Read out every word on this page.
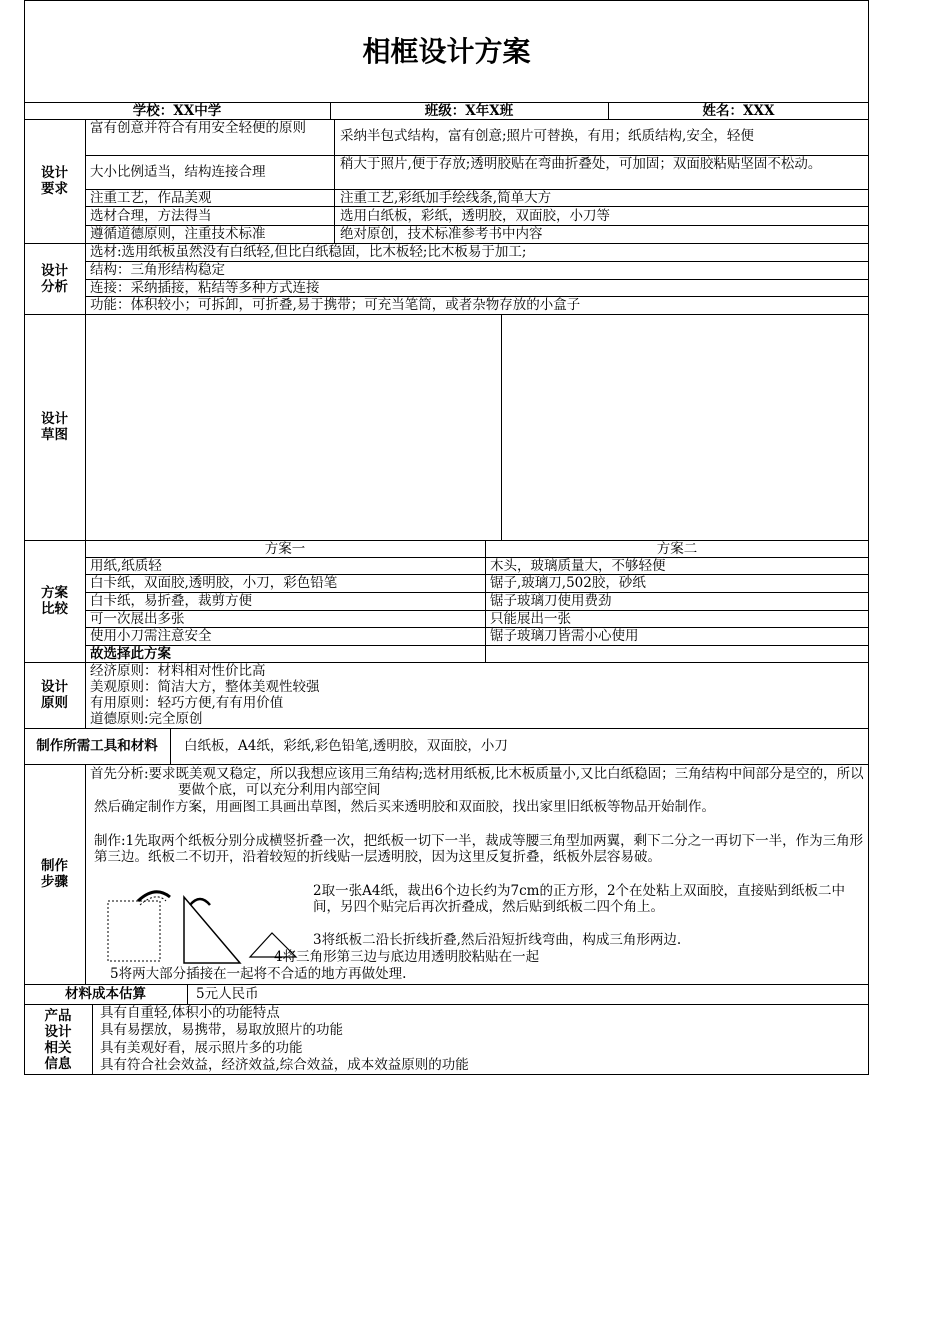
相框设计方案
学校：XX中学	班级：X年X班	姓名：XXX
设计
要求
富有创意并符合有用安全轻便的原则	采纳半包式结构，富有创意;照片可替换，有用；纸质结构,安全，轻便
大小比例适当，结构连接合理	稍大于照片,便于存放;透明胶贴在弯曲折叠处，可加固；双面胶粘贴坚固不松动。
注重工艺，作品美观	注重工艺,彩纸加手绘线条,简单大方
选材合理，方法得当	选用白纸板，彩纸，透明胶，双面胶，小刀等
遵循道德原则，注重技术标准	绝对原创，技术标准参考书中内容
设计
分析
选材:选用纸板虽然没有白纸轻,但比白纸稳固，比木板轻;比木板易于加工;
结构：三角形结构稳定
连接：采纳插接，粘结等多种方式连接
功能：体积较小；可拆卸，可折叠,易于携带；可充当笔筒，或者杂物存放的小盒子
设计
草图
方案
比较
方案一	方案二
用纸,纸质轻	木头，玻璃质量大，不够轻便
白卡纸，双面胶,透明胶，小刀，彩色铅笔	锯子,玻璃刀,502胶，砂纸
白卡纸，易折叠，裁剪方便	锯子玻璃刀使用费劲
可一次展出多张	只能展出一张
使用小刀需注意安全	锯子玻璃刀皆需小心使用
故选择此方案
设计
原则
经济原则：材料相对性价比高
美观原则：简洁大方，整体美观性较强
有用原则：轻巧方便,有有用价值
道德原则:完全原创
制作所需工具和材料	白纸板，A4纸，彩纸,彩色铅笔,透明胶，双面胶，小刀
制作
步骤
首先分析:要求既美观又稳定，所以我想应该用三角结构;选材用纸板,比木板质量小,又比白纸稳固；三角结构中间部分是空的，所以要做个底，可以充分利用内部空间
然后确定制作方案，用画图工具画出草图，然后买来透明胶和双面胶，找出家里旧纸板等物品开始制作。
制作:1先取两个纸板分别分成横竖折叠一次，把纸板一切下一半，裁成等腰三角型加两翼，剩下二分之一再切下一半，作为三角形第三边。纸板二不切开，沿着较短的折线贴一层透明胶，因为这里反复折叠，纸板外层容易破。
2取一张A4纸，裁出6个边长约为7cm的正方形，2个在处粘上双面胶，直接贴到纸板二中间，另四个贴完后再次折叠成，然后贴到纸板二四个角上。
3将纸板二沿长折线折叠,然后沿短折线弯曲，构成三角形两边.
4将三角形第三边与底边用透明胶粘贴在一起
5将两大部分插接在一起将不合适的地方再做处理.
材料成本估算	5元人民币
产品
设计
相关
信息
具有自重轻,体积小的功能特点
具有易摆放，易携带，易取放照片的功能
具有美观好看，展示照片多的功能
具有符合社会效益，经济效益,综合效益，成本效益原则的功能
